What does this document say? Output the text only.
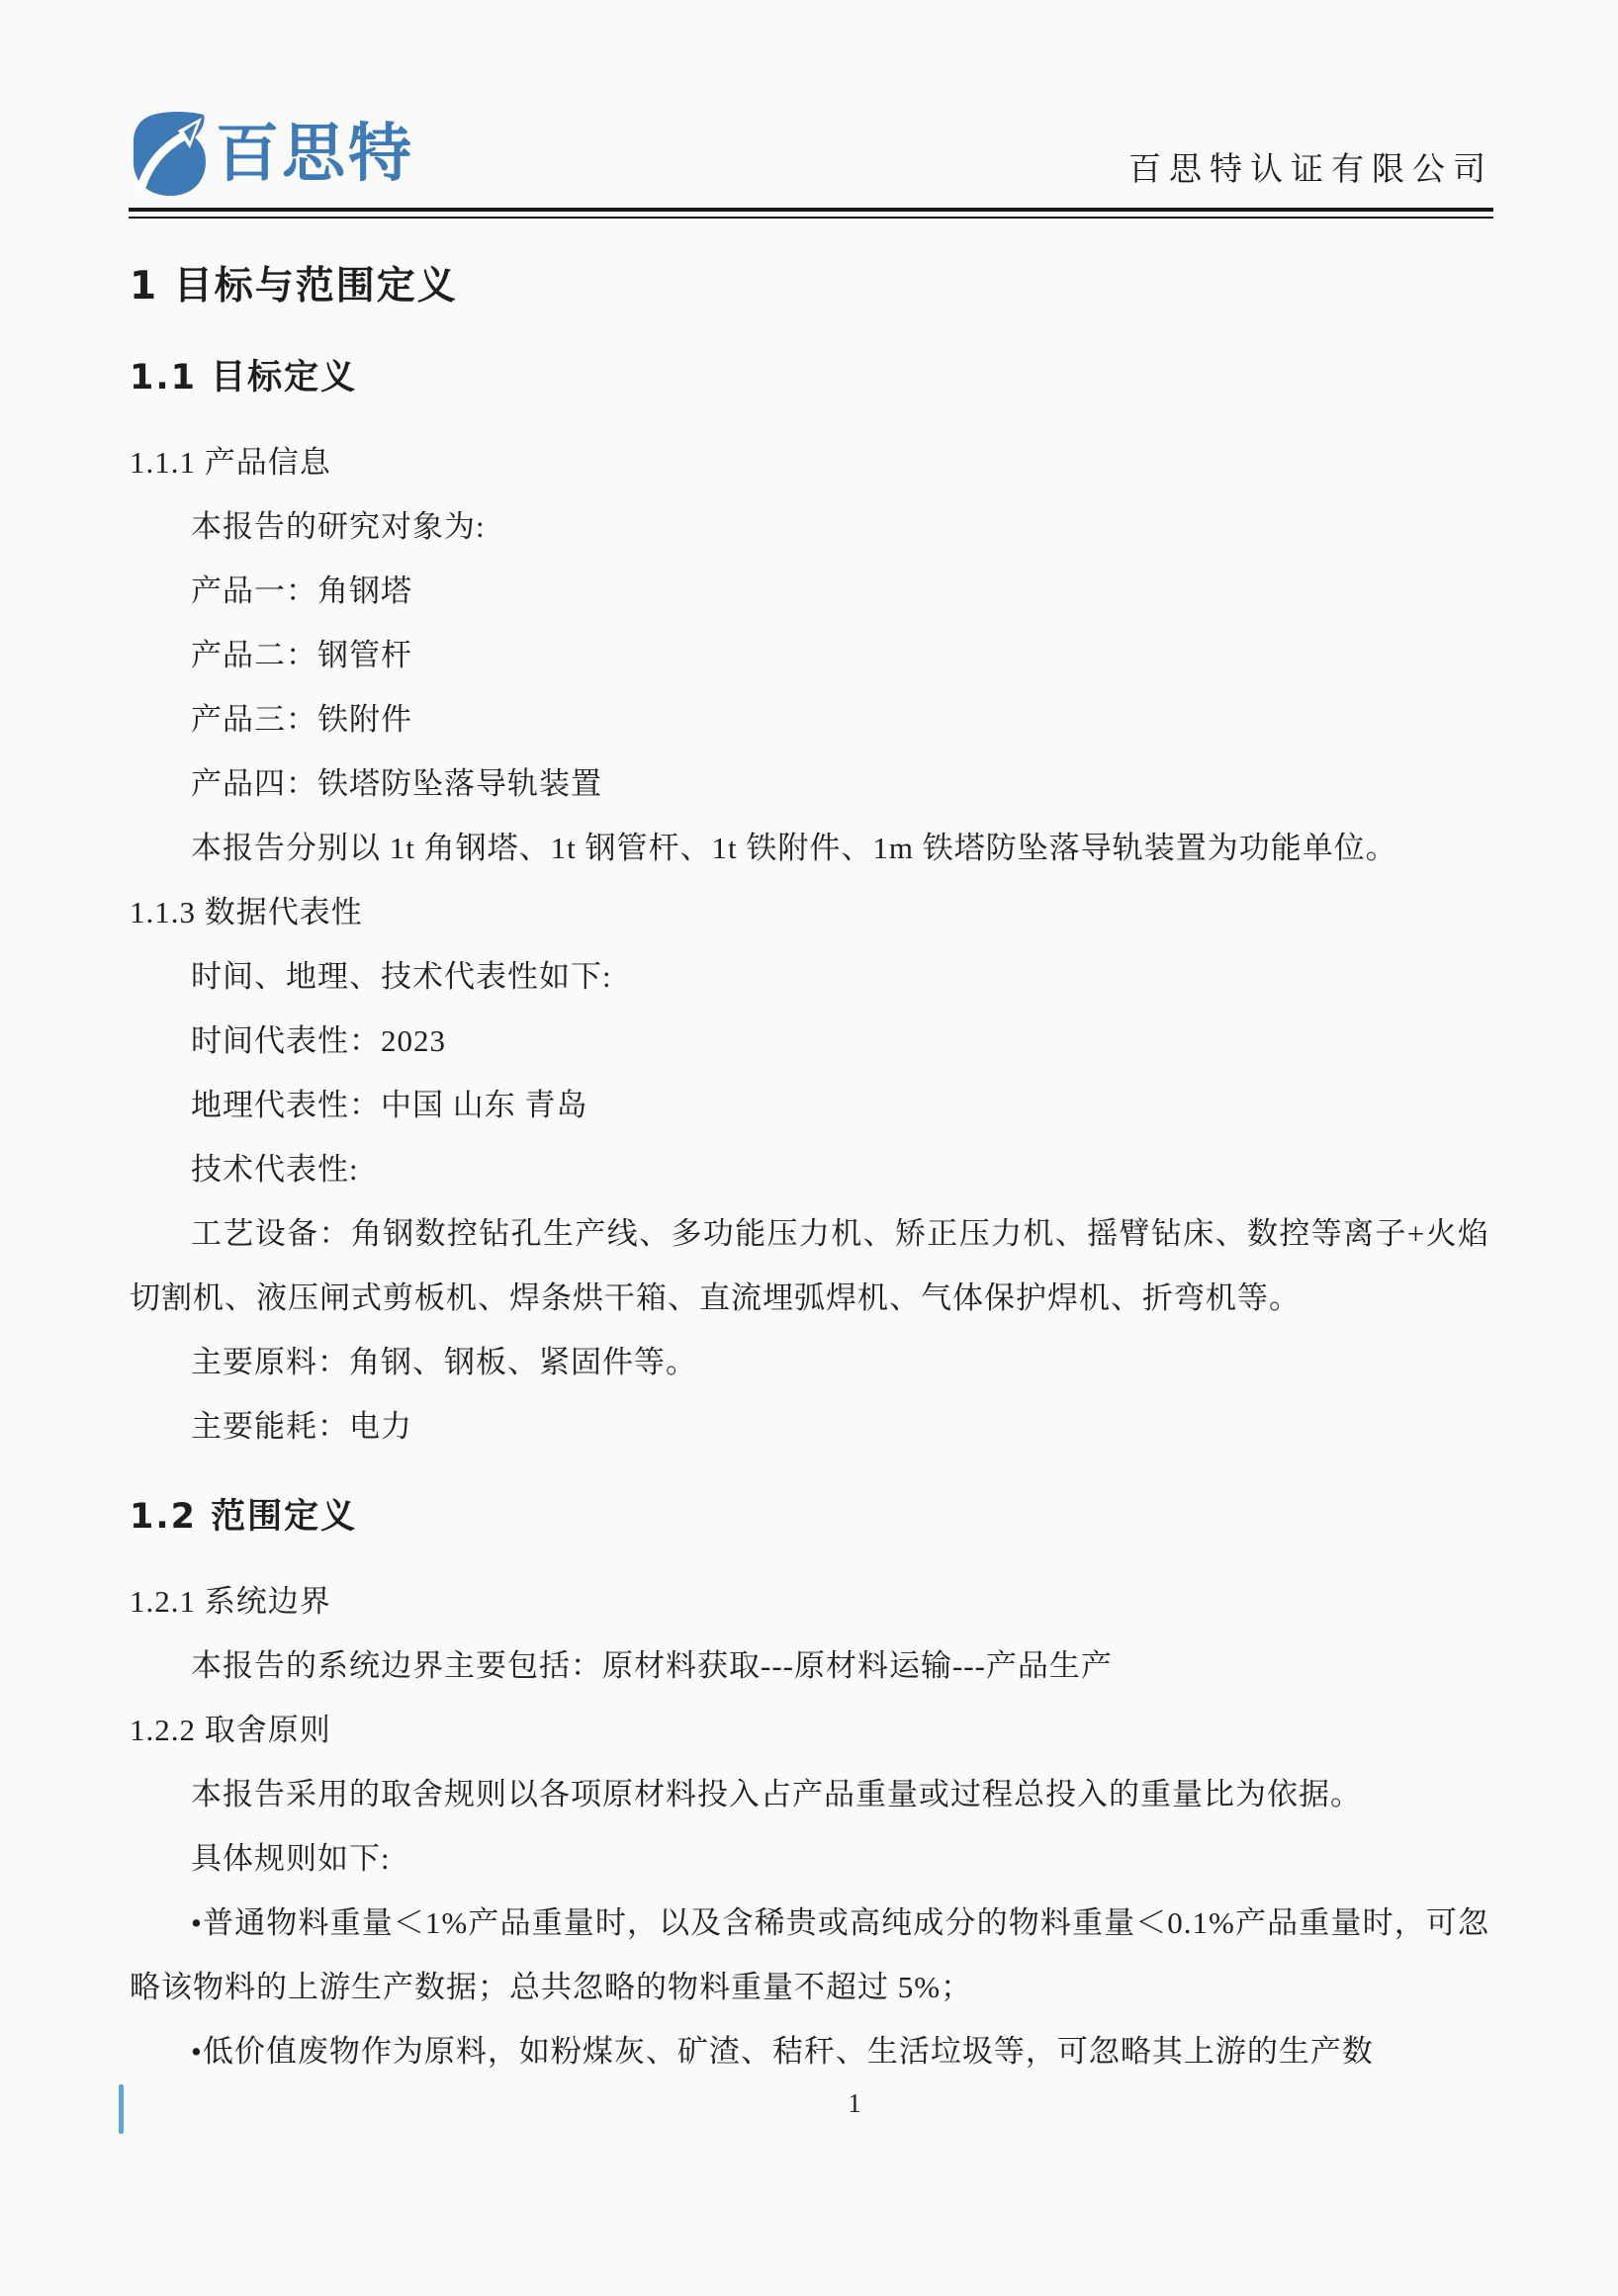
百思特	百思特认证有限公司

1 目标与范围定义

1.1 目标定义

1.1.1 产品信息

本报告的研究对象为:

产品一：角钢塔

产品二：钢管杆

产品三：铁附件

产品四：铁塔防坠落导轨装置

本报告分别以 1t 角钢塔、1t 钢管杆、1t 铁附件、1m 铁塔防坠落导轨装置为功能单位。

1.1.3 数据代表性

时间、地理、技术代表性如下:

时间代表性：2023

地理代表性：中国 山东 青岛

技术代表性:

工艺设备：角钢数控钻孔生产线、多功能压力机、矫正压力机、摇臂钻床、数控等离子+火焰切割机、液压闸式剪板机、焊条烘干箱、直流埋弧焊机、气体保护焊机、折弯机等。

主要原料：角钢、钢板、紧固件等。

主要能耗：电力

1.2 范围定义

1.2.1 系统边界

本报告的系统边界主要包括：原材料获取---原材料运输---产品生产

1.2.2 取舍原则

本报告采用的取舍规则以各项原材料投入占产品重量或过程总投入的重量比为依据。

具体规则如下:

•普通物料重量＜1%产品重量时，以及含稀贵或高纯成分的物料重量＜0.1%产品重量时，可忽略该物料的上游生产数据；总共忽略的物料重量不超过 5%；

•低价值废物作为原料，如粉煤灰、矿渣、秸秆、生活垃圾等，可忽略其上游的生产数

1
